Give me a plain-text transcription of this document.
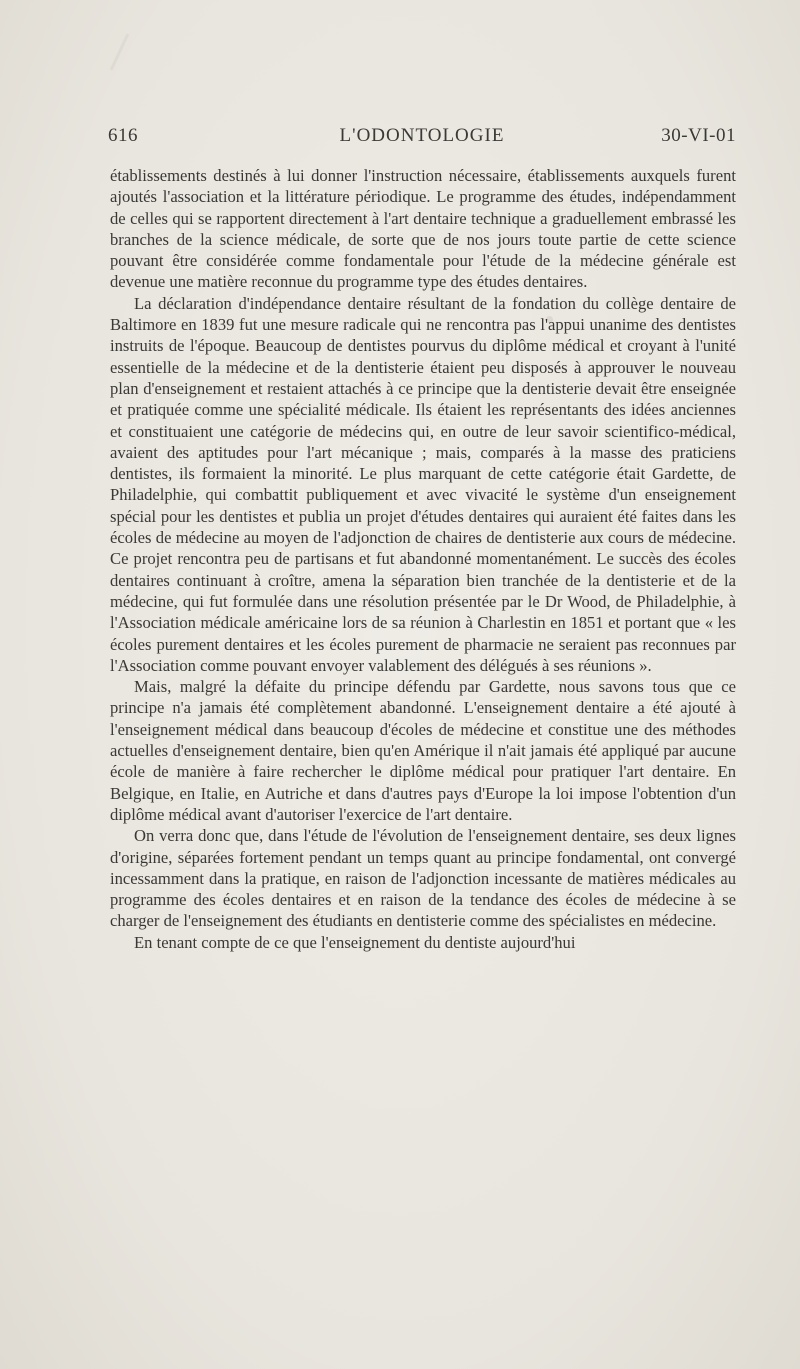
616	L'ODONTOLOGIE	30-VI-01

établissements destinés à lui donner l'instruction nécessaire, établissements auxquels furent ajoutés l'association et la littérature périodique. Le programme des études, indépendamment de celles qui se rapportent directement à l'art dentaire technique a graduellement embrassé les branches de la science médicale, de sorte que de nos jours toute partie de cette science pouvant être considérée comme fondamentale pour l'étude de la médecine générale est devenue une matière reconnue du programme type des études dentaires.

La déclaration d'indépendance dentaire résultant de la fondation du collège dentaire de Baltimore en 1839 fut une mesure radicale qui ne rencontra pas l'appui unanime des dentistes instruits de l'époque. Beaucoup de dentistes pourvus du diplôme médical et croyant à l'unité essentielle de la médecine et de la dentisterie étaient peu disposés à approuver le nouveau plan d'enseignement et restaient attachés à ce principe que la dentisterie devait être enseignée et pratiquée comme une spécialité médicale. Ils étaient les représentants des idées anciennes et constituaient une catégorie de médecins qui, en outre de leur savoir scientifico-médical, avaient des aptitudes pour l'art mécanique ; mais, comparés à la masse des praticiens dentistes, ils formaient la minorité. Le plus marquant de cette catégorie était Gardette, de Philadelphie, qui combattit publiquement et avec vivacité le système d'un enseignement spécial pour les dentistes et publia un projet d'études dentaires qui auraient été faites dans les écoles de médecine au moyen de l'adjonction de chaires de dentisterie aux cours de médecine. Ce projet rencontra peu de partisans et fut abandonné momentanément. Le succès des écoles dentaires continuant à croître, amena la séparation bien tranchée de la dentisterie et de la médecine, qui fut formulée dans une résolution présentée par le Dr Wood, de Philadelphie, à l'Association médicale américaine lors de sa réunion à Charlestin en 1851 et portant que « les écoles purement dentaires et les écoles purement de pharmacie ne seraient pas reconnues par l'Association comme pouvant envoyer valablement des délégués à ses réunions ».

Mais, malgré la défaite du principe défendu par Gardette, nous savons tous que ce principe n'a jamais été complètement abandonné. L'enseignement dentaire a été ajouté à l'enseignement médical dans beaucoup d'écoles de médecine et constitue une des méthodes actuelles d'enseignement dentaire, bien qu'en Amérique il n'ait jamais été appliqué par aucune école de manière à faire rechercher le diplôme médical pour pratiquer l'art dentaire. En Belgique, en Italie, en Autriche et dans d'autres pays d'Europe la loi impose l'obtention d'un diplôme médical avant d'autoriser l'exercice de l'art dentaire.

On verra donc que, dans l'étude de l'évolution de l'enseignement dentaire, ses deux lignes d'origine, séparées fortement pendant un temps quant au principe fondamental, ont convergé incessamment dans la pratique, en raison de l'adjonction incessante de matières médicales au programme des écoles dentaires et en raison de la tendance des écoles de médecine à se charger de l'enseignement des étudiants en dentisterie comme des spécialistes en médecine.

En tenant compte de ce que l'enseignement du dentiste aujourd'hui
